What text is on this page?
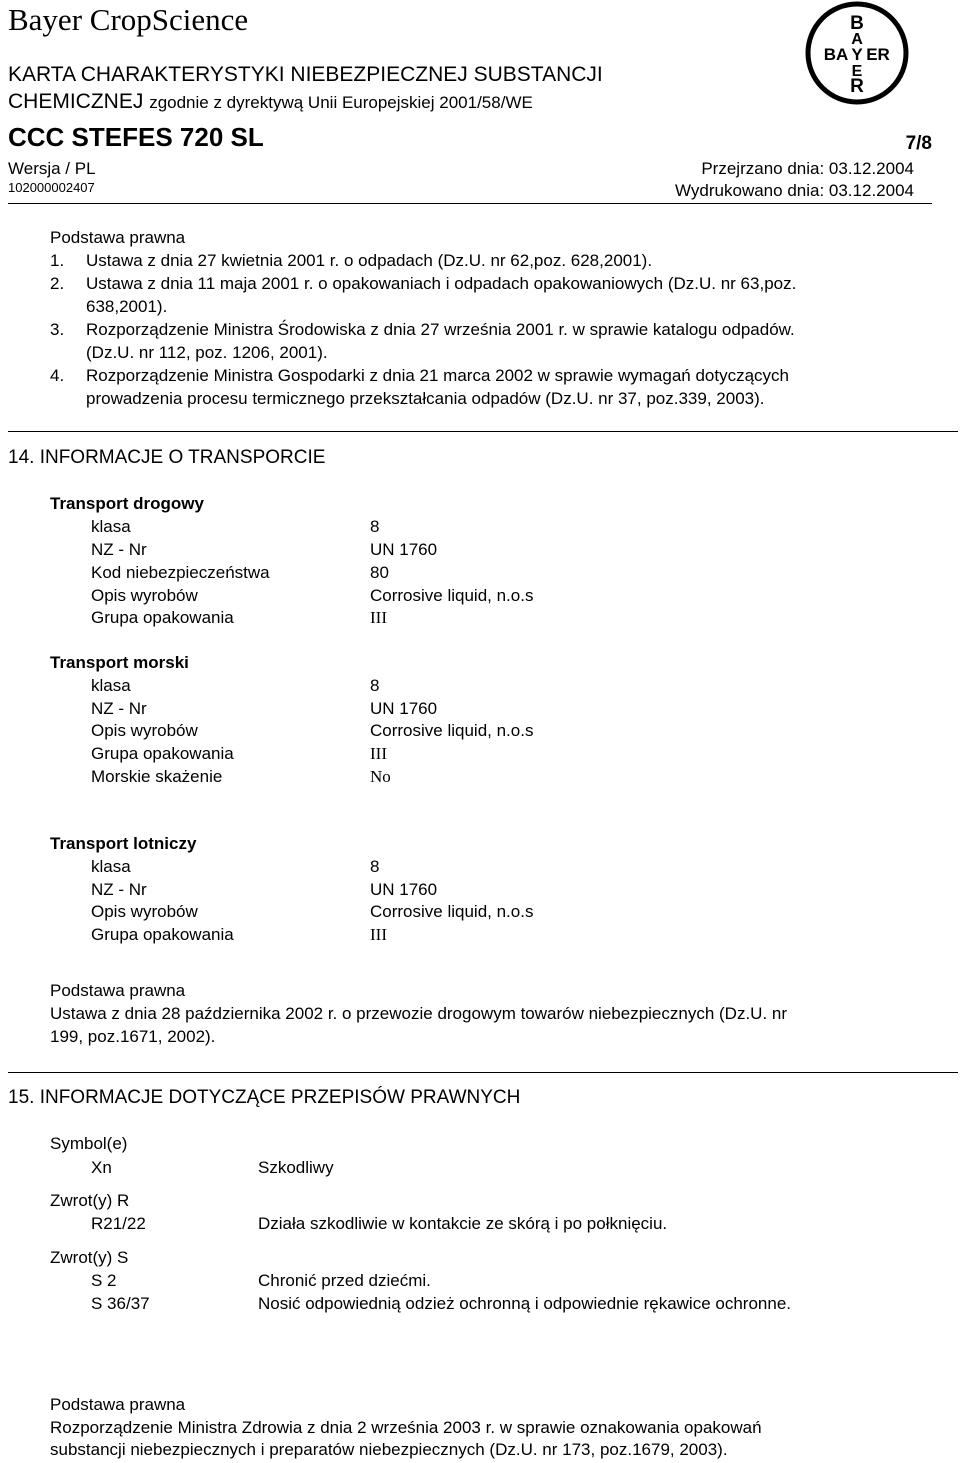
Bayer CropScience
KARTA CHARAKTERYSTYKI NIEBEZPIECZNEJ SUBSTANCJI
CHEMICZNEJ zgodnie z dyrektywą Unii Europejskiej 2001/58/WE
CCC STEFES 720 SL	7/8
Wersja / PL
102000002407
Przejrzano dnia: 03.12.2004
Wydrukowano dnia: 03.12.2004
B
A
BA Y ER
E
R
Podstawa prawna
1. Ustawa z dnia 27 kwietnia 2001 r. o odpadach (Dz.U. nr 62,poz. 628,2001).
2. Ustawa z dnia 11 maja 2001 r. o opakowaniach i odpadach opakowaniowych (Dz.U. nr 63,poz.
638,2001).
3. Rozporządzenie Ministra Środowiska z dnia 27 września 2001 r. w sprawie katalogu odpadów.
(Dz.U. nr 112, poz. 1206, 2001).
4. Rozporządzenie Ministra Gospodarki z dnia 21 marca 2002 w sprawie wymagań dotyczących
prowadzenia procesu termicznego przekształcania odpadów (Dz.U. nr 37, poz.339, 2003).
14. INFORMACJE O TRANSPORCIE
Transport drogowy
klasa	8
NZ - Nr	UN 1760
Kod niebezpieczeństwa	80
Opis wyrobów	Corrosive liquid, n.o.s
Grupa opakowania	III
Transport morski
klasa	8
NZ - Nr	UN 1760
Opis wyrobów	Corrosive liquid, n.o.s
Grupa opakowania	III
Morskie skażenie	No
Transport lotniczy
klasa	8
NZ - Nr	UN 1760
Opis wyrobów	Corrosive liquid, n.o.s
Grupa opakowania	III
Podstawa prawna
Ustawa z dnia 28 października 2002 r. o przewozie drogowym towarów niebezpiecznych (Dz.U. nr
199, poz.1671, 2002).
15. INFORMACJE DOTYCZĄCE PRZEPISÓW PRAWNYCH
Symbol(e)
Xn	Szkodliwy
Zwrot(y) R
R21/22	Działa szkodliwie w kontakcie ze skórą i po połknięciu.
Zwrot(y) S
S 2	Chronić przed dziećmi.
S 36/37	Nosić odpowiednią odzież ochronną i odpowiednie rękawice ochronne.
Podstawa prawna
Rozporządzenie Ministra Zdrowia z dnia 2 września 2003 r. w sprawie oznakowania opakowań
substancji niebezpiecznych i preparatów niebezpiecznych (Dz.U. nr 173, poz.1679, 2003).
